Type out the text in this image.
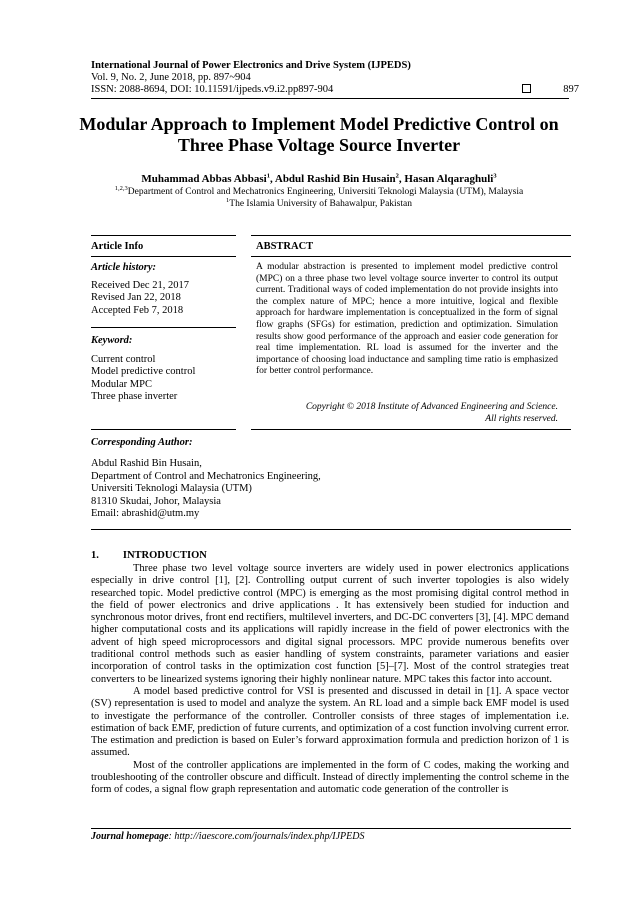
International Journal of Power Electronics and Drive System (IJPEDS)
Vol. 9, No. 2, June 2018, pp. 897~904
ISSN: 2088-8694, DOI: 10.11591/ijpeds.v9.i2.pp897-904	897
Modular Approach to Implement Model Predictive Control on
Three Phase Voltage Source Inverter
Muhammad Abbas Abbasi$^1$, Abdul Rashid Bin Husain$^2$, Hasan Alqaraghuli$^3$
$^{1,2,3}$Department of Control and Mechatronics Engineering, Universiti Teknologi Malaysia (UTM), Malaysia
$^1$The Islamia University of Bahawalpur, Pakistan
Article Info
Article history:
Received Dec 21, 2017
Revised Jan 22, 2018
Accepted Feb 7, 2018
Keyword:
Current control
Model predictive control
Modular MPC
Three phase inverter
ABSTRACT
A modular abstraction is presented to implement model predictive control (MPC) on a three phase two level voltage source inverter to control its output current. Traditional ways of coded implementation do not provide insights into the complex nature of MPC; hence a more intuitive, logical and flexible approach for hardware implementation is conceptualized in the form of signal flow graphs (SFGs) for estimation, prediction and optimization. Simulation results show good performance of the approach and easier code generation for real time implementation. RL load is assumed for the inverter and the importance of choosing load inductance and sampling time ratio is emphasized for better control performance.
Copyright © 2018 Institute of Advanced Engineering and Science.
All rights reserved.
Corresponding Author:
Abdul Rashid Bin Husain,
Department of Control and Mechatronics Engineering,
Universiti Teknologi Malaysia (UTM)
81310 Skudai, Johor, Malaysia
Email: abrashid@utm.my
1. INTRODUCTION

Three phase two level voltage source inverters are widely used in power electronics applications especially in drive control [1], [2]. Controlling output current of such inverter topologies is also widely researched topic. Model predictive control (MPC) is emerging as the most promising digital control method in the field of power electronics and drive applications . It has extensively been studied for induction and synchronous motor drives, front end rectifiers, multilevel inverters, and DC-DC converters [3], [4]. MPC demand higher computational costs and its applications will rapidly increase in the field of power electronics with the advent of high speed microprocessors and digital signal processors. MPC provide numerous benefits over traditional control methods such as easier handling of system constraints, parameter variations and easier incorporation of control tasks in the optimization cost function [5]–[7]. Most of the control strategies treat converters to be linearized systems ignoring their highly nonlinear nature. MPC takes this factor into account.

A model based predictive control for VSI is presented and discussed in detail in [1]. A space vector (SV) representation is used to model and analyze the system. An RL load and a simple back EMF model is used to investigate the performance of the controller. Controller consists of three stages of implementation i.e. estimation of back EMF, prediction of future currents, and optimization of a cost function involving current error. The estimation and prediction is based on Euler’s forward approximation formula and prediction horizon of 1 is assumed.

Most of the controller applications are implemented in the form of C codes, making the working and troubleshooting of the controller obscure and difficult. Instead of directly implementing the control scheme in the form of codes, a signal flow graph representation and automatic code generation of the controller is

Journal homepage: http://iaescore.com/journals/index.php/IJPEDS
